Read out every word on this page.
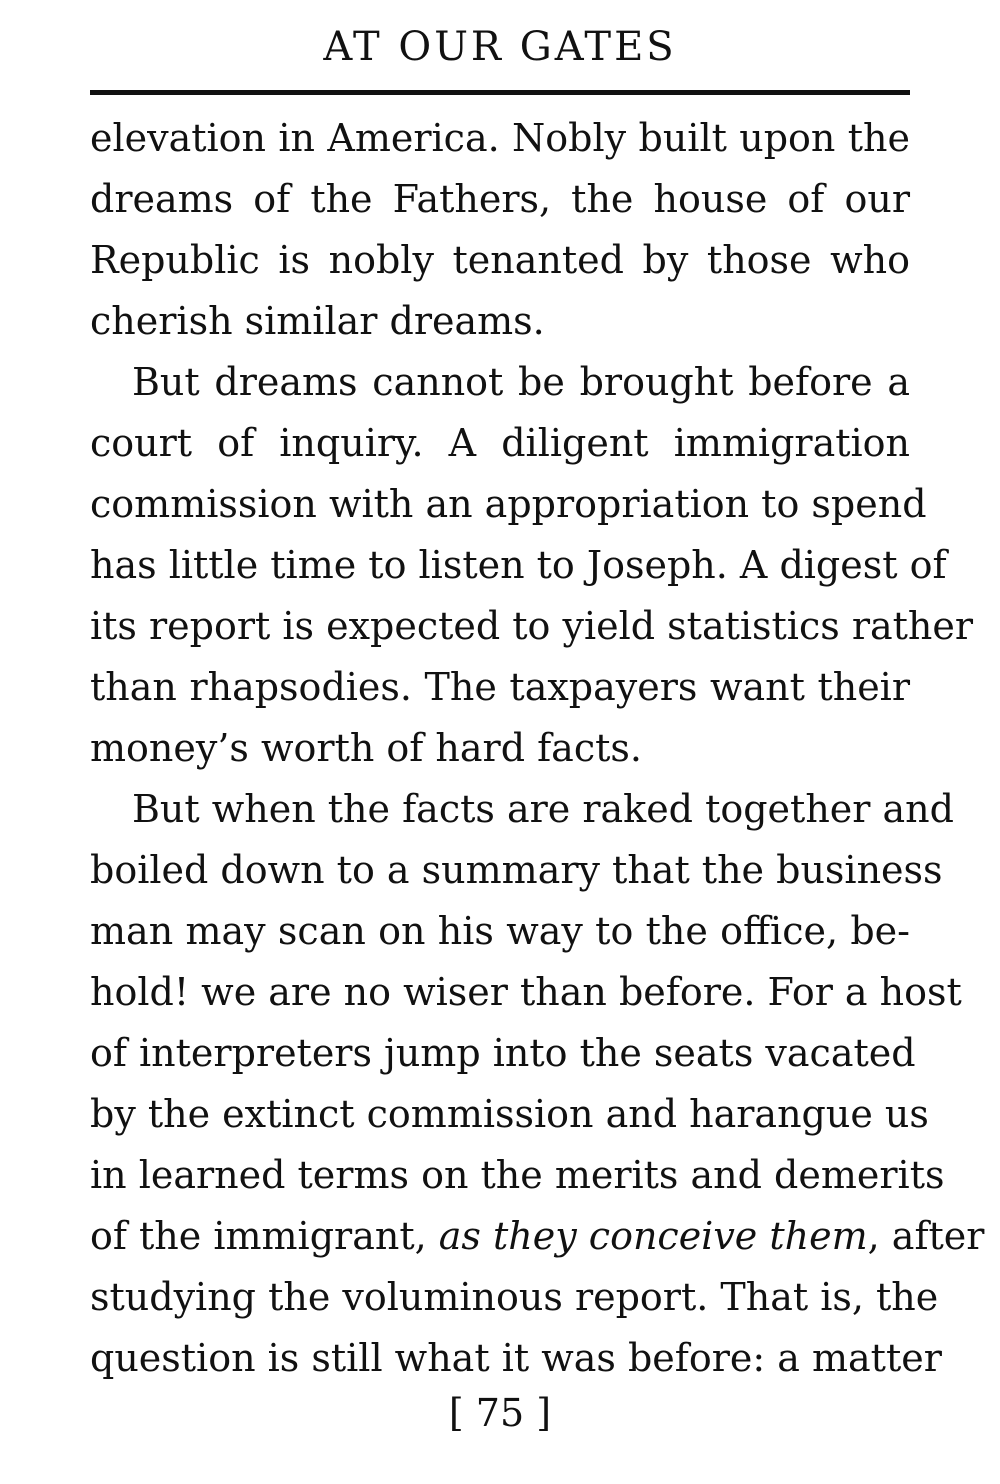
AT OUR GATES
elevation in America. Nobly built upon the
dreams of the Fathers, the house of our
Republic is nobly tenanted by those who
cherish similar dreams.
But dreams cannot be brought before a
court of inquiry. A diligent immigration
commission with an appropriation to spend
has little time to listen to Joseph. A digest of
its report is expected to yield statistics rather
than rhapsodies. The taxpayers want their
money’s worth of hard facts.
But when the facts are raked together and
boiled down to a summary that the business
man may scan on his way to the office, be-
hold! we are no wiser than before. For a host
of interpreters jump into the seats vacated
by the extinct commission and harangue us
in learned terms on the merits and demerits
of the immigrant, as they conceive them, after
studying the voluminous report. That is, the
question is still what it was before: a matter
[ 75 ]
